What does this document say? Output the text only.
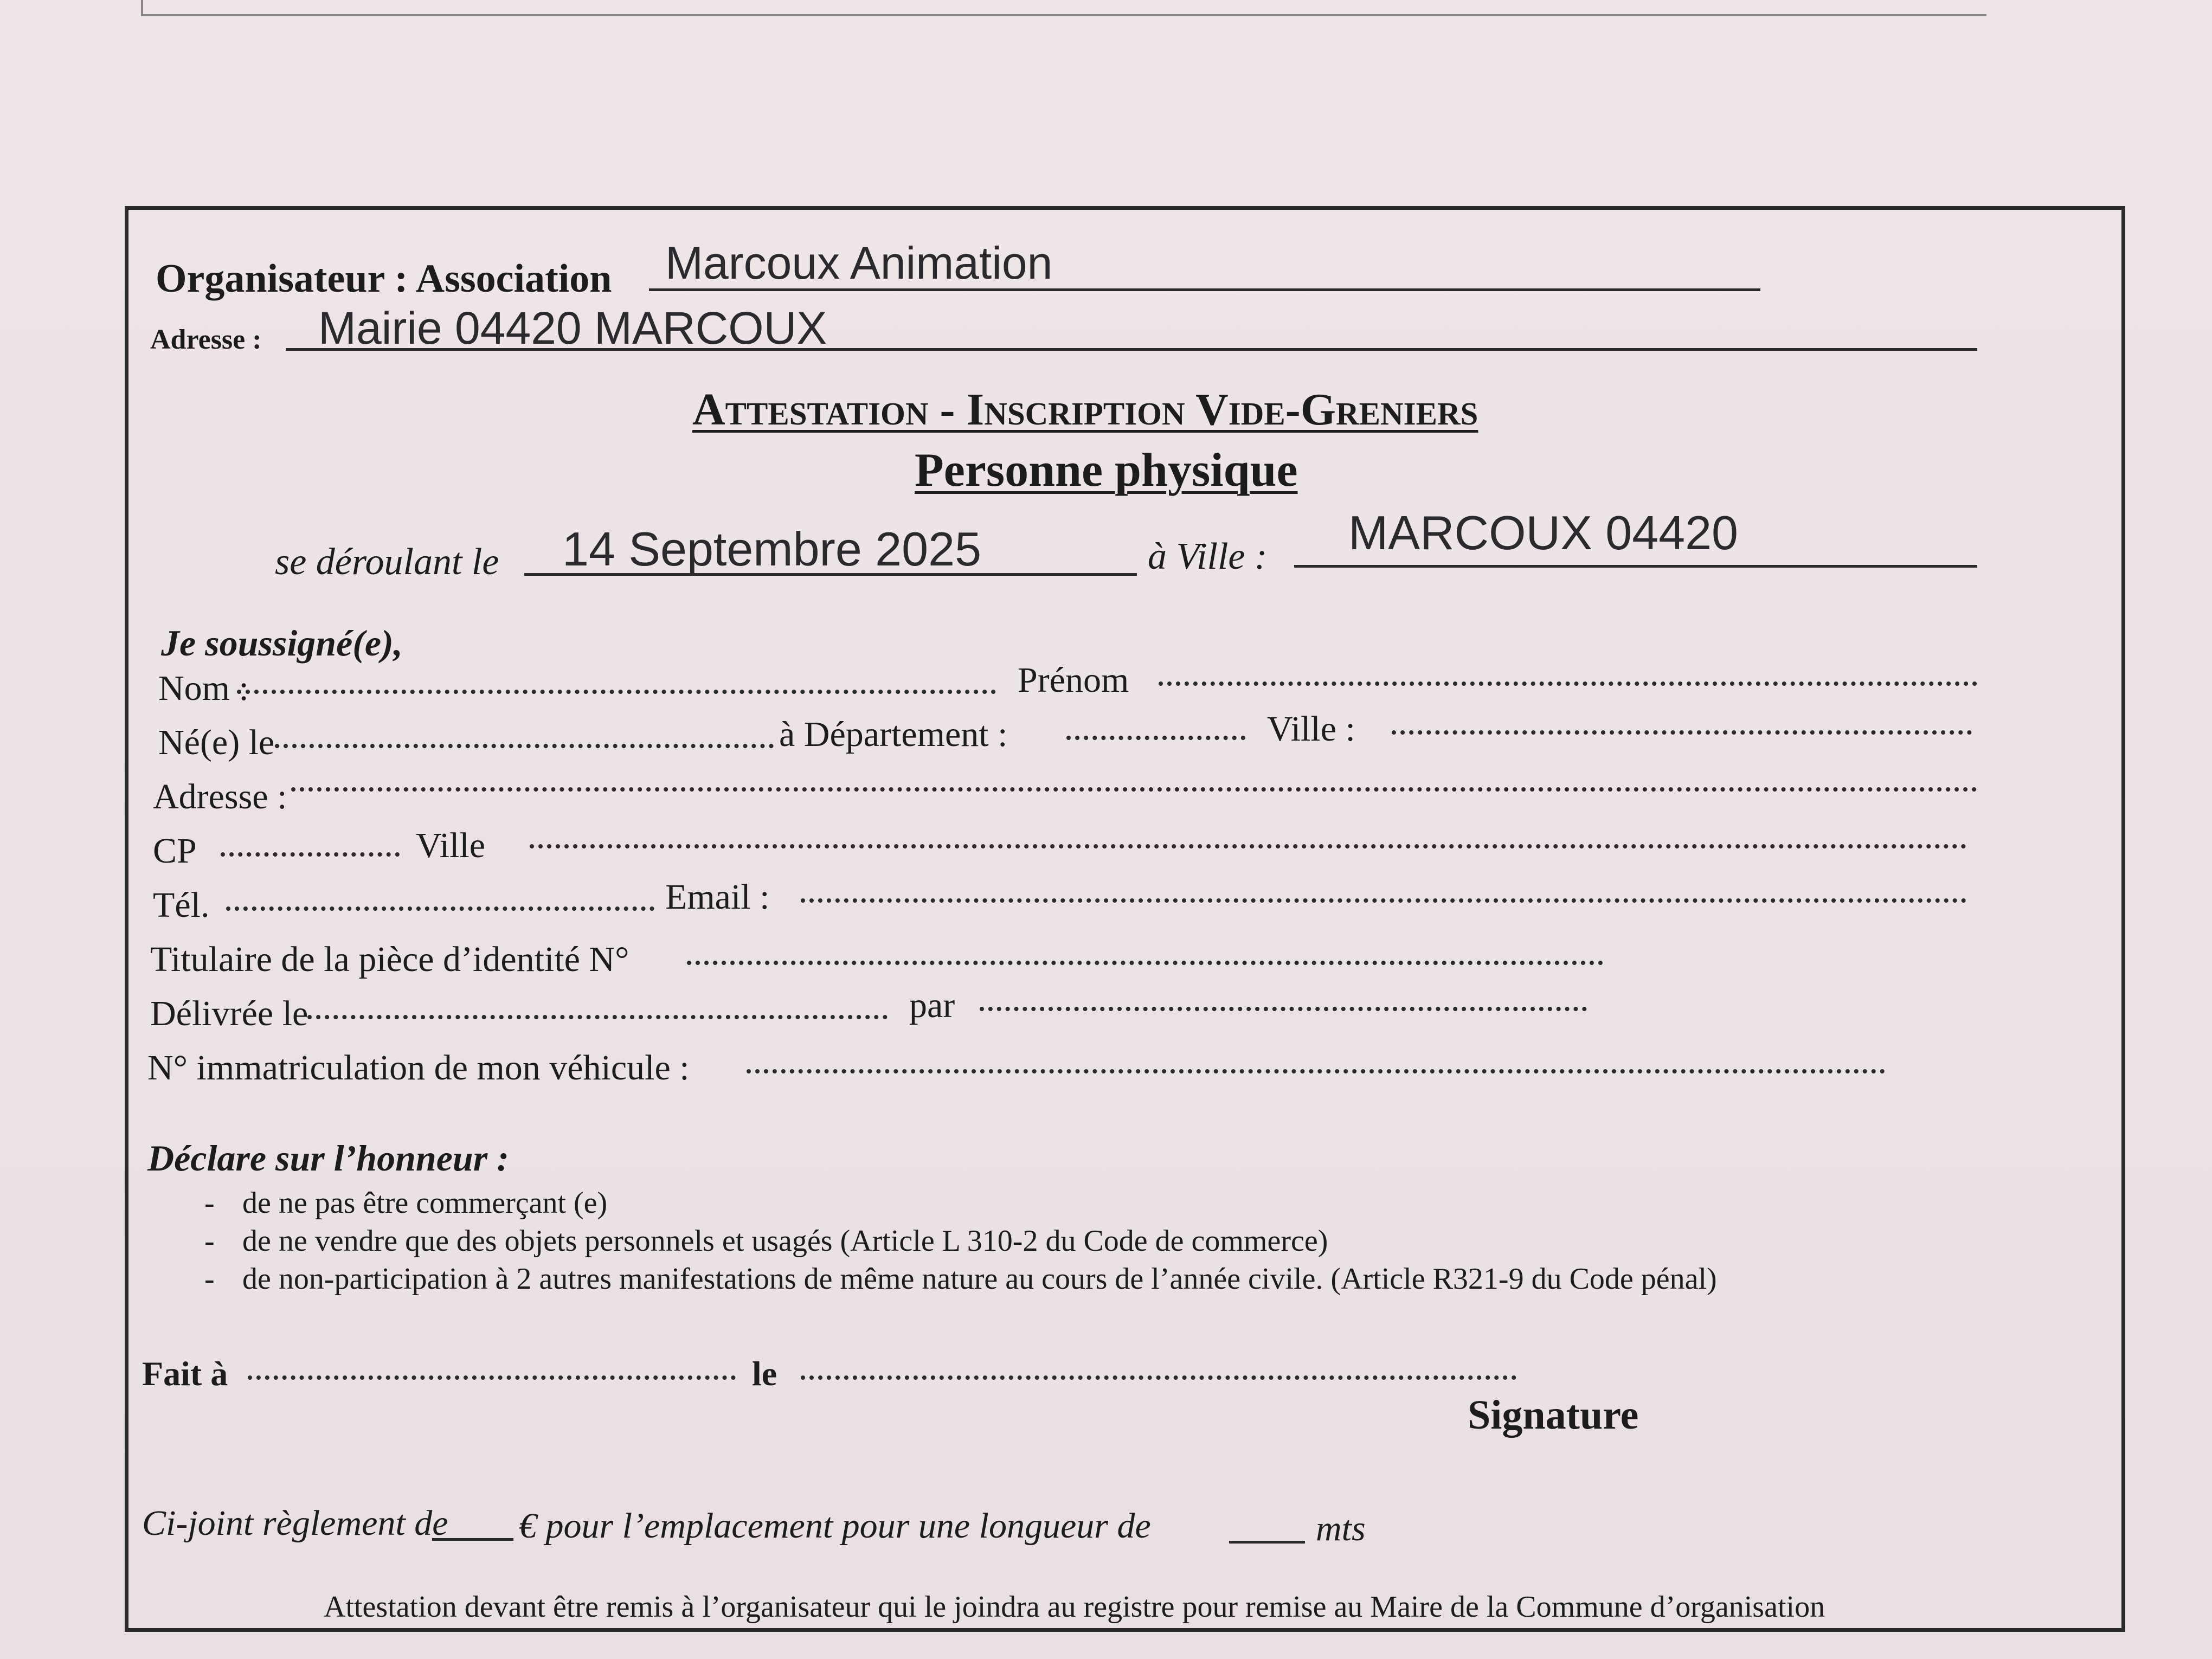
Organisateur : Association Marcoux Animation
Adresse : Mairie 04420 MARCOUX
Attestation - Inscription Vide-Greniers
Personne physique
se déroulant le 14 Septembre 2025	à Ville : MARCOUX 04420
Je soussigné(e),
Nom :	Prénom
Né(e) le	à Département :	Ville :
Adresse :
CP	Ville
Tél.	Email :
Titulaire de la pièce d’identité N°
Délivrée le	par
N° immatriculation de mon véhicule :
Déclare sur l’honneur :
- de ne pas être commerçant (e)
- de ne vendre que des objets personnels et usagés (Article L 310-2 du Code de commerce)
- de non-participation à 2 autres manifestations de même nature au cours de l’année civile. (Article R321-9 du Code pénal)
Fait à	le
Signature
Ci-joint règlement de € pour l’emplacement pour une longueur de	mts
Attestation devant être remis à l’organisateur qui le joindra au registre pour remise au Maire de la Commune d’organisation
